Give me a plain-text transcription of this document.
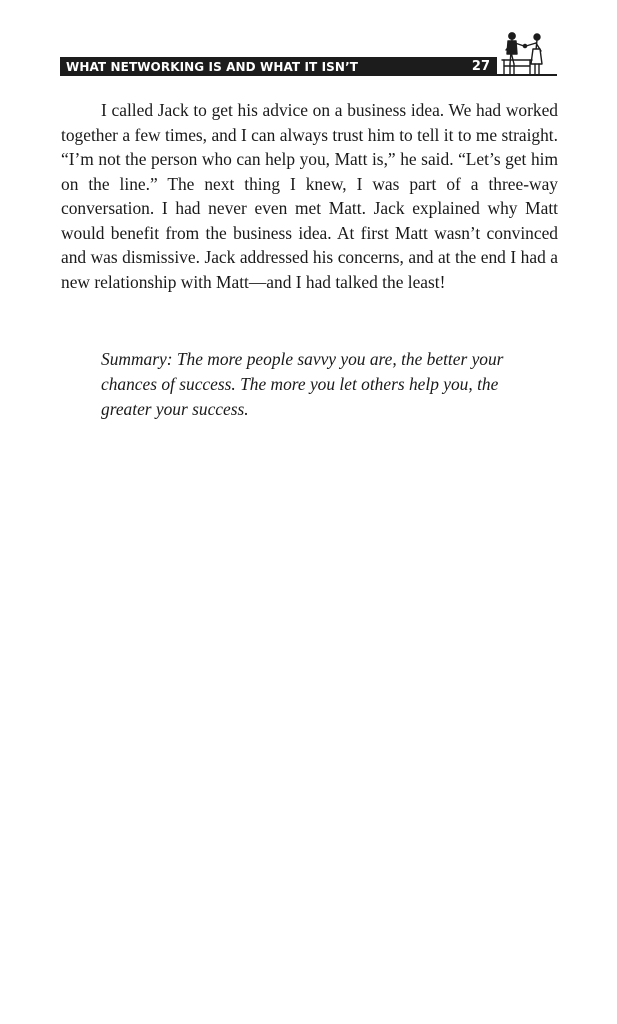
WHAT NETWORKING IS AND WHAT IT ISN’T	27

I called Jack to get his advice on a business idea. We had worked together a few times, and I can always trust him to tell it to me straight. “I’m not the person who can help you, Matt is,” he said. “Let’s get him on the line.” The next thing I knew, I was part of a three-way conversation. I had never even met Matt. Jack explained why Matt would benefit from the business idea. At first Matt wasn’t convinced and was dismissive. Jack addressed his concerns, and at the end I had a new relationship with Matt—and I had talked the least!

Summary: The more people savvy you are, the better your chances of success. The more you let others help you, the greater your success.
